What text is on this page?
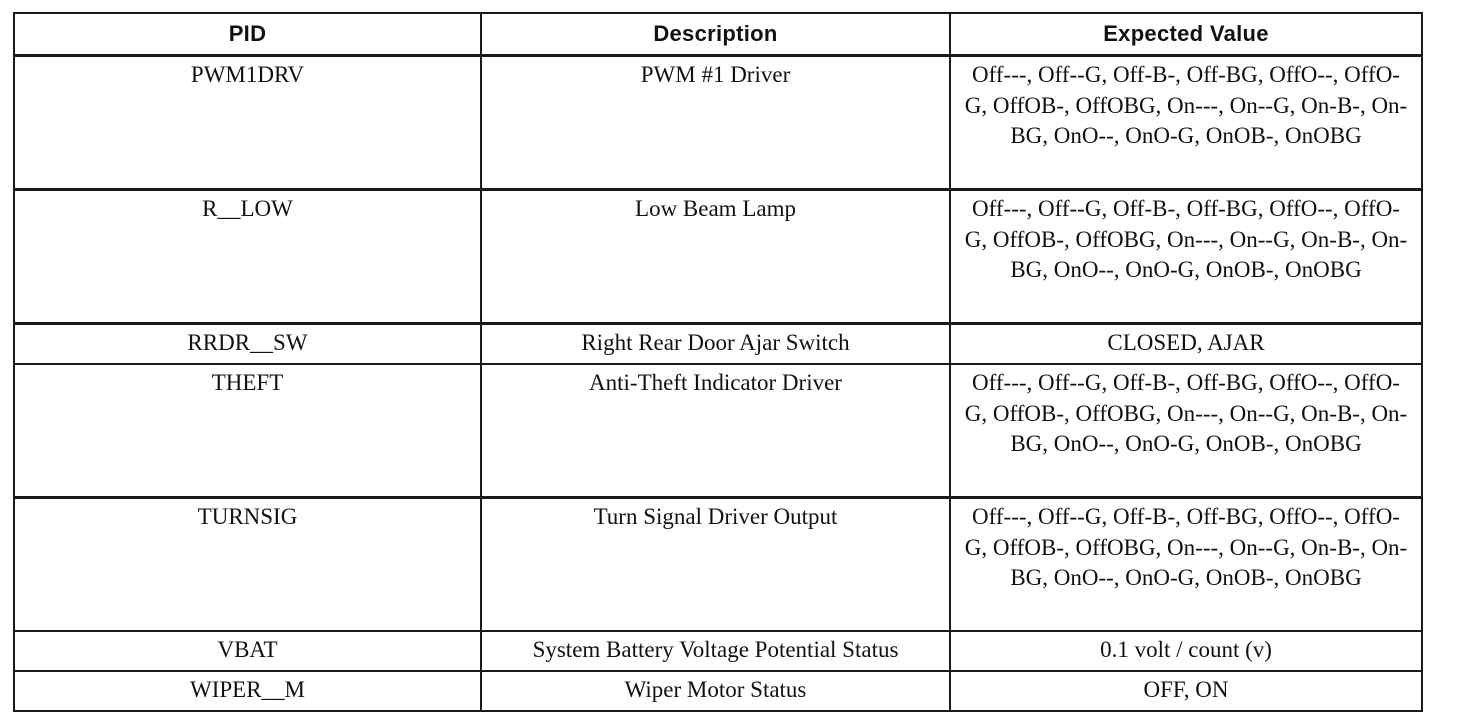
PID	Description	Expected Value
PWM1DRV	PWM #1 Driver	Off---, Off--G, Off-B-, Off-BG, OffO--, OffO-G, OffOB-, OffOBG, On---, On--G, On-B-, On-BG, OnO--, OnO-G, OnOB-, OnOBG
R__LOW	Low Beam Lamp	Off---, Off--G, Off-B-, Off-BG, OffO--, OffO-G, OffOB-, OffOBG, On---, On--G, On-B-, On-BG, OnO--, OnO-G, OnOB-, OnOBG
RRDR__SW	Right Rear Door Ajar Switch	CLOSED, AJAR
THEFT	Anti-Theft Indicator Driver	Off---, Off--G, Off-B-, Off-BG, OffO--, OffO-G, OffOB-, OffOBG, On---, On--G, On-B-, On-BG, OnO--, OnO-G, OnOB-, OnOBG
TURNSIG	Turn Signal Driver Output	Off---, Off--G, Off-B-, Off-BG, OffO--, OffO-G, OffOB-, OffOBG, On---, On--G, On-B-, On-BG, OnO--, OnO-G, OnOB-, OnOBG
VBAT	System Battery Voltage Potential Status	0.1 volt / count (v)
WIPER__M	Wiper Motor Status	OFF, ON
